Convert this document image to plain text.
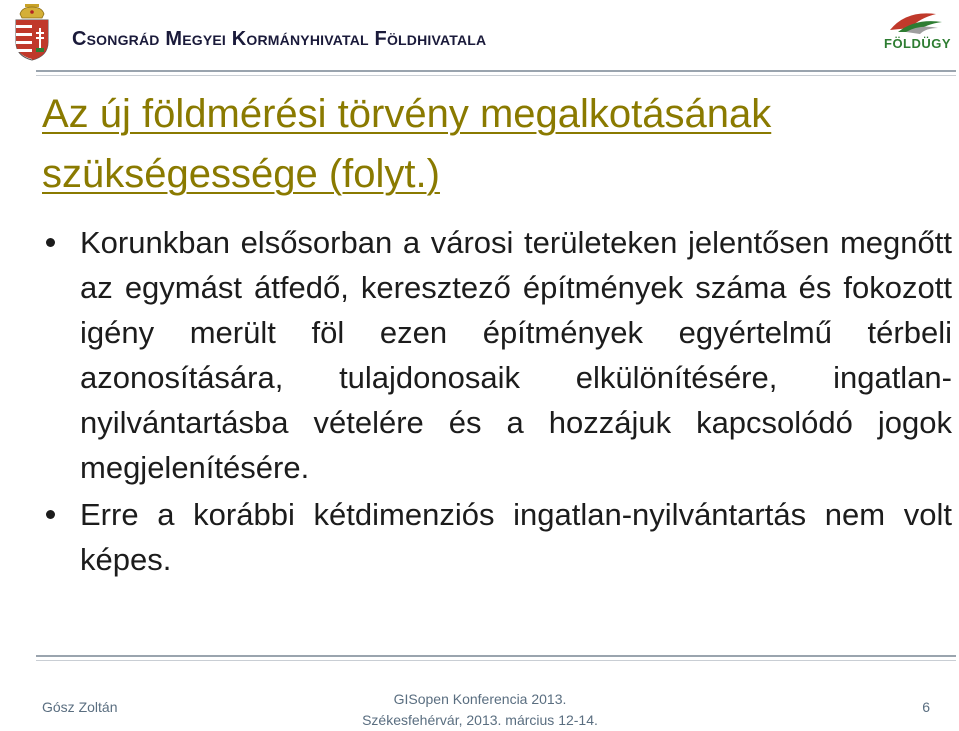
Csongrád Megyei Kormányhivatal Földhivatala	FÖLDÜGY
Az új földmérési törvény megalkotásának szükségessége (folyt.)
Korunkban elsősorban a városi területeken jelentősen megnőtt az egymást átfedő, keresztező építmények száma és fokozott igény merült föl ezen építmények egyértelmű térbeli azonosítására, tulajdonosaik elkülönítésére, ingatlan-nyilvántartásba vételére és a hozzájuk kapcsolódó jogok megjelenítésére.
Erre a korábbi kétdimenziós ingatlan-nyilvántartás nem volt képes.
Gósz Zoltán	GISopen Konferencia 2013.
Székesfehérvár, 2013. március 12-14.
6
